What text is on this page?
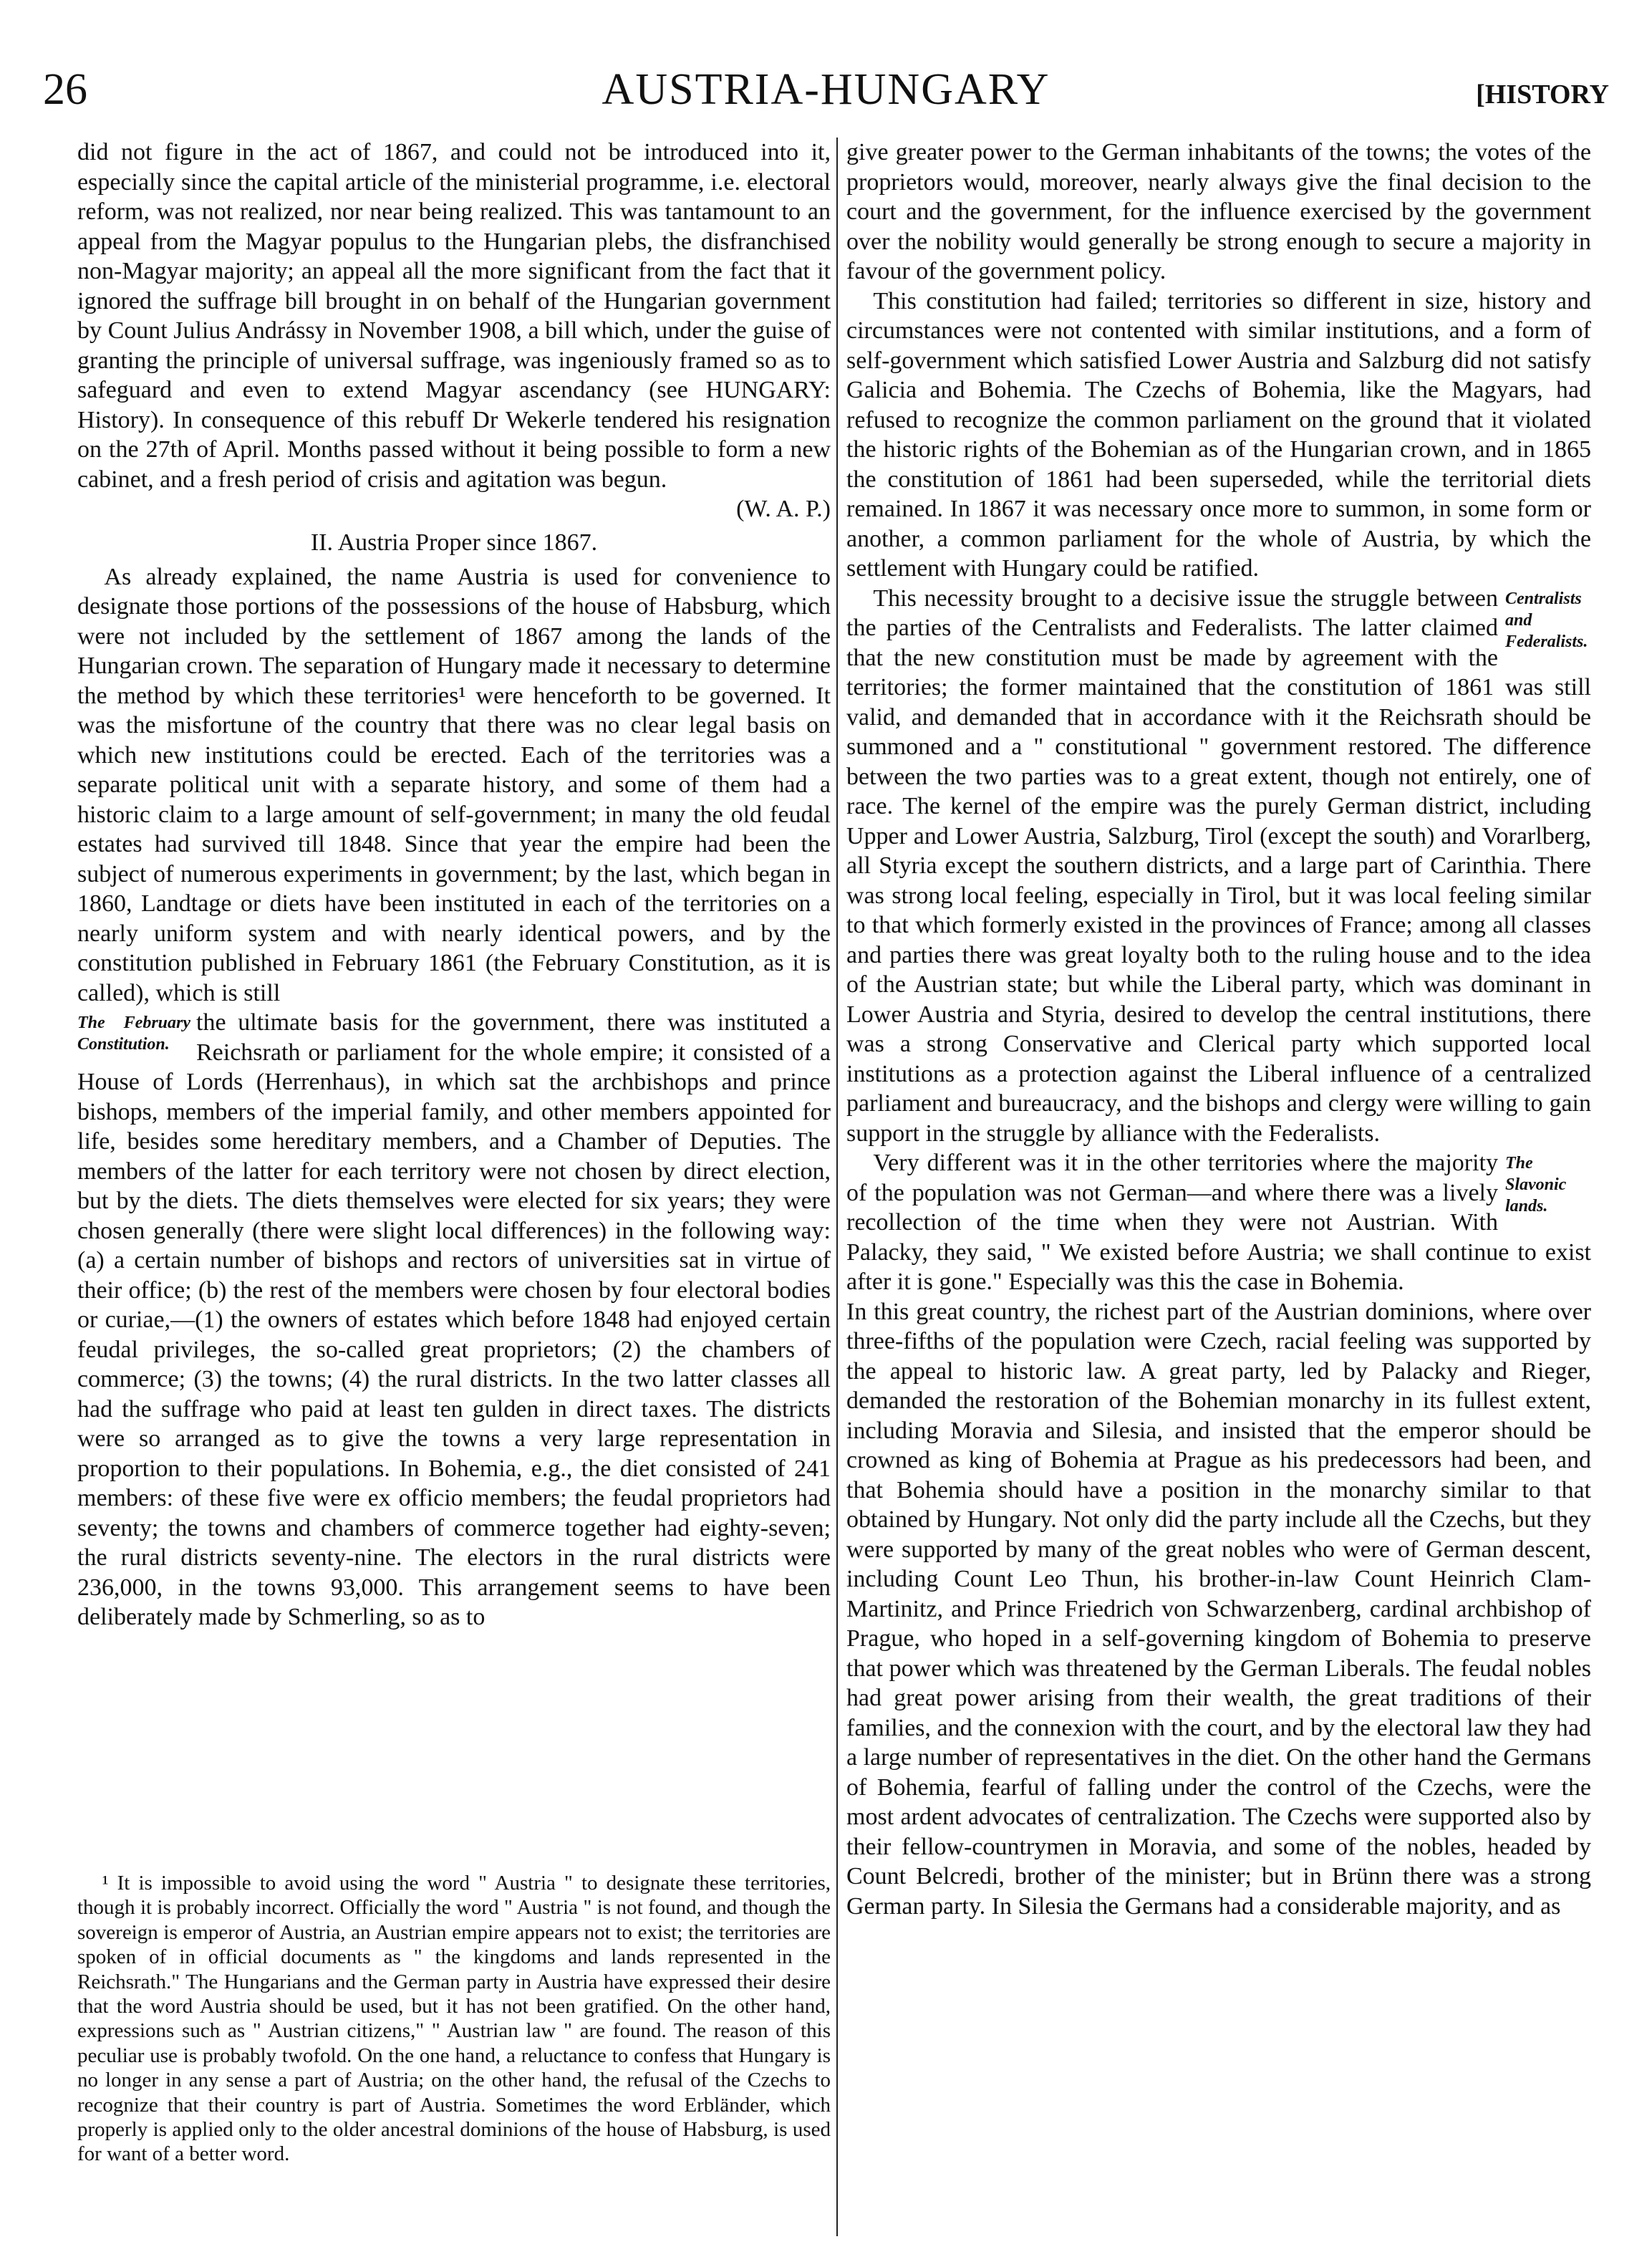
26	AUSTRIA-HUNGARY	[HISTORY

did not figure in the act of 1867, and could not be introduced into it, especially since the capital article of the ministerial programme, i.e. electoral reform, was not realized, nor near being realized. This was tantamount to an appeal from the Magyar populus to the Hungarian plebs, the disfranchised non-Magyar majority; an appeal all the more significant from the fact that it ignored the suffrage bill brought in on behalf of the Hungarian government by Count Julius Andrássy in November 1908, a bill which, under the guise of granting the principle of universal suffrage, was ingeniously framed so as to safeguard and even to extend Magyar ascendancy (see HUNGARY: History). In consequence of this rebuff Dr Wekerle tendered his resignation on the 27th of April. Months passed without it being possible to form a new cabinet, and a fresh period of crisis and agitation was begun.

(W. A. P.)

II. Austria Proper since 1867.

As already explained, the name Austria is used for convenience to designate those portions of the possessions of the house of Habsburg, which were not included by the settlement of 1867 among the lands of the Hungarian crown. The separation of Hungary made it necessary to determine the method by which these territories¹ were henceforth to be governed. It was the misfortune of the country that there was no clear legal basis on which new institutions could be erected. Each of the territories was a separate political unit with a separate history, and some of them had a historic claim to a large amount of self-government; in many the old feudal estates had survived till 1848. Since that year the empire had been the subject of numerous experiments in government; by the last, which began in 1860, Landtage or diets have been instituted in each of the territories on a nearly uniform system and with nearly identical powers, and by the constitution published in February 1861 (the February Constitution, as it is called), which is still

The February Constitution.
the ultimate basis for the government, there was instituted a Reichsrath or parliament for the whole empire; it consisted of a House of Lords (Herrenhaus), in which sat the archbishops and prince bishops, members of the imperial family, and other members appointed for life, besides some hereditary members, and a Chamber of Deputies. The members of the latter for each territory were not chosen by direct election, but by the diets. The diets themselves were elected for six years; they were chosen generally (there were slight local differences) in the following way: (a) a certain number of bishops and rectors of universities sat in virtue of their office; (b) the rest of the members were chosen by four electoral bodies or curiae,—(1) the owners of estates which before 1848 had enjoyed certain feudal privileges, the so-called great proprietors; (2) the chambers of commerce; (3) the towns; (4) the rural districts. In the two latter classes all had the suffrage who paid at least ten gulden in direct taxes. The districts were so arranged as to give the towns a very large representation in proportion to their populations. In Bohemia, e.g., the diet consisted of 241 members: of these five were ex officio members; the feudal proprietors had seventy; the towns and chambers of commerce together had eighty-seven; the rural districts seventy-nine. The electors in the rural districts were 236,000, in the towns 93,000. This arrangement seems to have been deliberately made by Schmerling, so as to

¹ It is impossible to avoid using the word " Austria " to designate these territories, though it is probably incorrect. Officially the word " Austria " is not found, and though the sovereign is emperor of Austria, an Austrian empire appears not to exist; the territories are spoken of in official documents as " the kingdoms and lands represented in the Reichsrath." The Hungarians and the German party in Austria have expressed their desire that the word Austria should be used, but it has not been gratified. On the other hand, expressions such as " Austrian citizens," " Austrian law " are found. The reason of this peculiar use is probably twofold. On the one hand, a reluctance to confess that Hungary is no longer in any sense a part of Austria; on the other hand, the refusal of the Czechs to recognize that their country is part of Austria. Sometimes the word Erbländer, which properly is applied only to the older ancestral dominions of the house of Habsburg, is used for want of a better word.

give greater power to the German inhabitants of the towns; the votes of the proprietors would, moreover, nearly always give the final decision to the court and the government, for the influence exercised by the government over the nobility would generally be strong enough to secure a majority in favour of the government policy.

This constitution had failed; territories so different in size, history and circumstances were not contented with similar institutions, and a form of self-government which satisfied Lower Austria and Salzburg did not satisfy Galicia and Bohemia. The Czechs of Bohemia, like the Magyars, had refused to recognize the common parliament on the ground that it violated the historic rights of the Bohemian as of the Hungarian crown, and in 1865 the constitution of 1861 had been superseded, while the territorial diets remained. In 1867 it was necessary once more to summon, in some form or another, a common parliament for the whole of Austria, by which the settlement with Hungary could be ratified.

Centralists and Federalists.
This necessity brought to a decisive issue the struggle between the parties of the Centralists and Federalists. The latter claimed that the new constitution must be made by agreement with the territories; the former maintained that the constitution of 1861 was still valid, and demanded that in accordance with it the Reichsrath should be summoned and a " constitutional " government restored. The difference between the two parties was to a great extent, though not entirely, one of race. The kernel of the empire was the purely German district, including Upper and Lower Austria, Salzburg, Tirol (except the south) and Vorarlberg, all Styria except the southern districts, and a large part of Carinthia. There was strong local feeling, especially in Tirol, but it was local feeling similar to that which formerly existed in the provinces of France; among all classes and parties there was great loyalty both to the ruling house and to the idea of the Austrian state; but while the Liberal party, which was dominant in Lower Austria and Styria, desired to develop the central institutions, there was a strong Conservative and Clerical party which supported local institutions as a protection against the Liberal influence of a centralized parliament and bureaucracy, and the bishops and clergy were willing to gain support in the struggle by alliance with the Federalists.

The Slavonic lands.
Very different was it in the other territories where the majority of the population was not German—and where there was a lively recollection of the time when they were not Austrian. With Palacky, they said, " We existed before Austria; we shall continue to exist after it is gone." Especially was this the case in Bohemia.

In this great country, the richest part of the Austrian dominions, where over three-fifths of the population were Czech, racial feeling was supported by the appeal to historic law. A great party, led by Palacky and Rieger, demanded the restoration of the Bohemian monarchy in its fullest extent, including Moravia and Silesia, and insisted that the emperor should be crowned as king of Bohemia at Prague as his predecessors had been, and that Bohemia should have a position in the monarchy similar to that obtained by Hungary. Not only did the party include all the Czechs, but they were supported by many of the great nobles who were of German descent, including Count Leo Thun, his brother-in-law Count Heinrich Clam-Martinitz, and Prince Friedrich von Schwarzenberg, cardinal archbishop of Prague, who hoped in a self-governing kingdom of Bohemia to preserve that power which was threatened by the German Liberals. The feudal nobles had great power arising from their wealth, the great traditions of their families, and the connexion with the court, and by the electoral law they had a large number of representatives in the diet. On the other hand the Germans of Bohemia, fearful of falling under the control of the Czechs, were the most ardent advocates of centralization. The Czechs were supported also by their fellow-countrymen in Moravia, and some of the nobles, headed by Count Belcredi, brother of the minister; but in Brünn there was a strong German party. In Silesia the Germans had a considerable majority, and as
